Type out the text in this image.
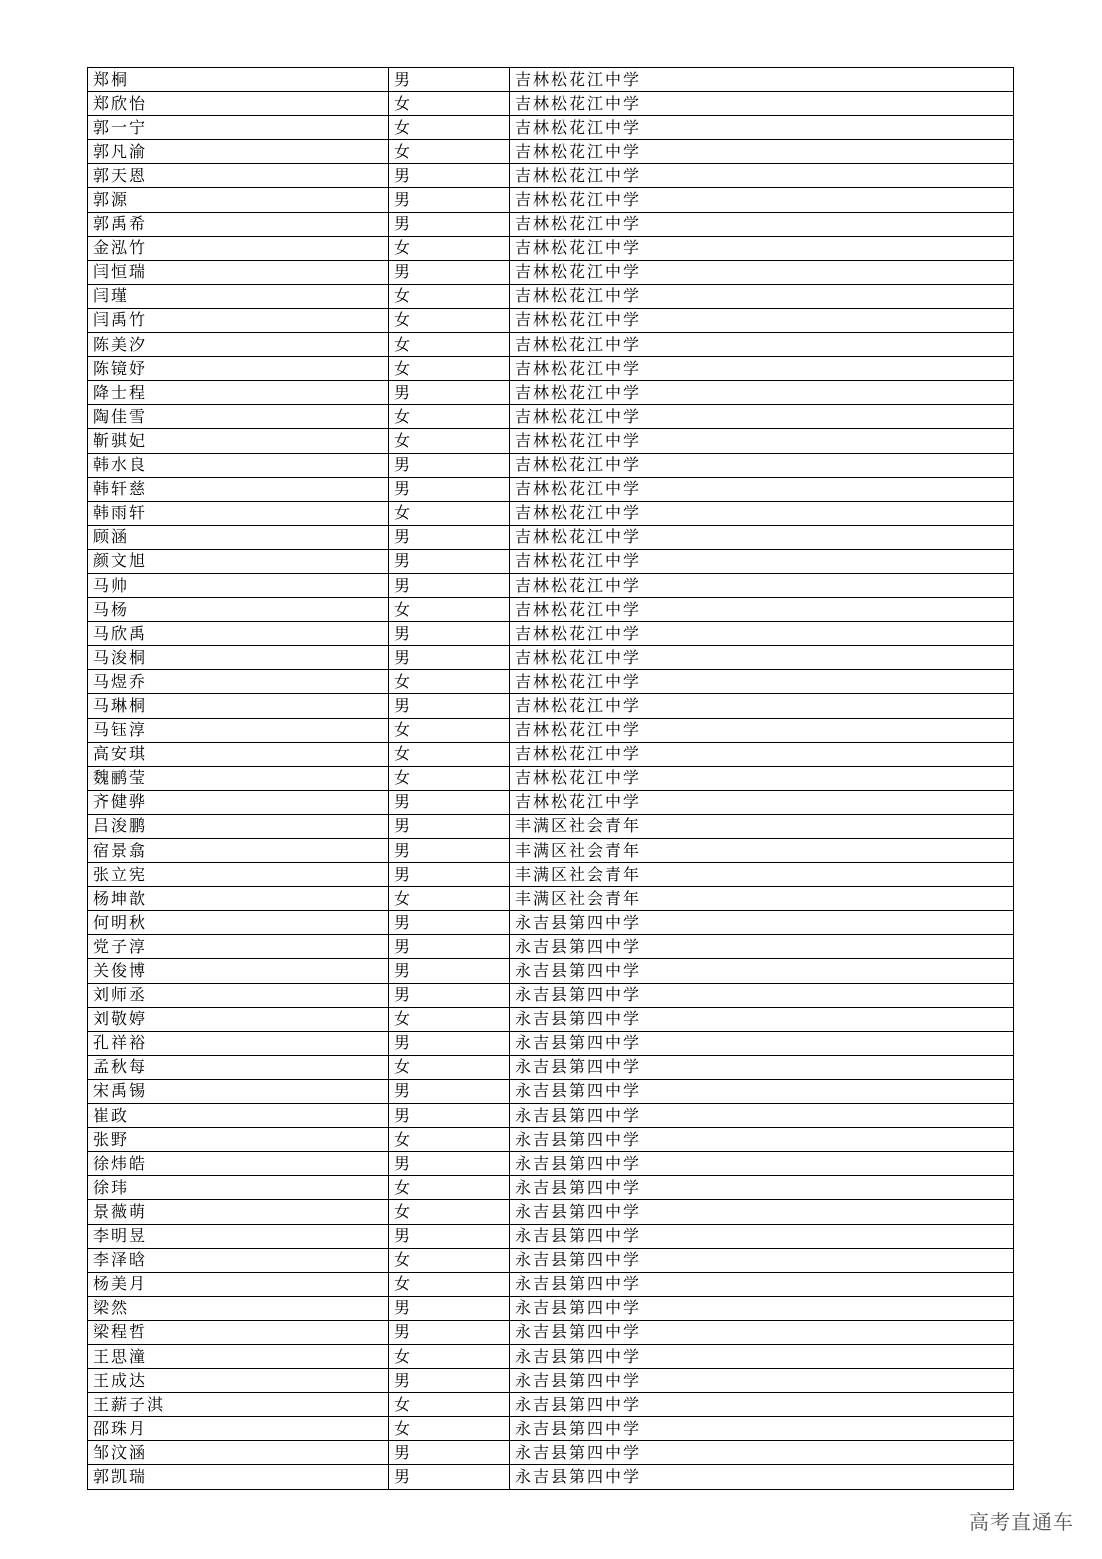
郑桐	男	吉林松花江中学
郑欣怡	女	吉林松花江中学
郭一宁	女	吉林松花江中学
郭凡渝	女	吉林松花江中学
郭天恩	男	吉林松花江中学
郭源	男	吉林松花江中学
郭禹希	男	吉林松花江中学
金泓竹	女	吉林松花江中学
闫恒瑞	男	吉林松花江中学
闫瑾	女	吉林松花江中学
闫禹竹	女	吉林松花江中学
陈美汐	女	吉林松花江中学
陈镜妤	女	吉林松花江中学
降士程	男	吉林松花江中学
陶佳雪	女	吉林松花江中学
靳骐妃	女	吉林松花江中学
韩水良	男	吉林松花江中学
韩轩慈	男	吉林松花江中学
韩雨轩	女	吉林松花江中学
顾涵	男	吉林松花江中学
颜文旭	男	吉林松花江中学
马帅	男	吉林松花江中学
马杨	女	吉林松花江中学
马欣禹	男	吉林松花江中学
马浚桐	男	吉林松花江中学
马煜乔	女	吉林松花江中学
马琳桐	男	吉林松花江中学
马钰淳	女	吉林松花江中学
高安琪	女	吉林松花江中学
魏鹂莹	女	吉林松花江中学
齐健骅	男	吉林松花江中学
吕浚鹏	男	丰满区社会青年
宿景翕	男	丰满区社会青年
张立宪	男	丰满区社会青年
杨坤歆	女	丰满区社会青年
何明秋	男	永吉县第四中学
党子淳	男	永吉县第四中学
关俊博	男	永吉县第四中学
刘师丞	男	永吉县第四中学
刘敬婷	女	永吉县第四中学
孔祥裕	男	永吉县第四中学
孟秋每	女	永吉县第四中学
宋禹锡	男	永吉县第四中学
崔政	男	永吉县第四中学
张野	女	永吉县第四中学
徐炜皓	男	永吉县第四中学
徐玮	女	永吉县第四中学
景薇萌	女	永吉县第四中学
李明昱	男	永吉县第四中学
李泽晗	女	永吉县第四中学
杨美月	女	永吉县第四中学
梁然	男	永吉县第四中学
梁程哲	男	永吉县第四中学
王思潼	女	永吉县第四中学
王成达	男	永吉县第四中学
王薪子淇	女	永吉县第四中学
邵珠月	女	永吉县第四中学
邹汶涵	男	永吉县第四中学
郭凯瑞	男	永吉县第四中学
高考直通车
